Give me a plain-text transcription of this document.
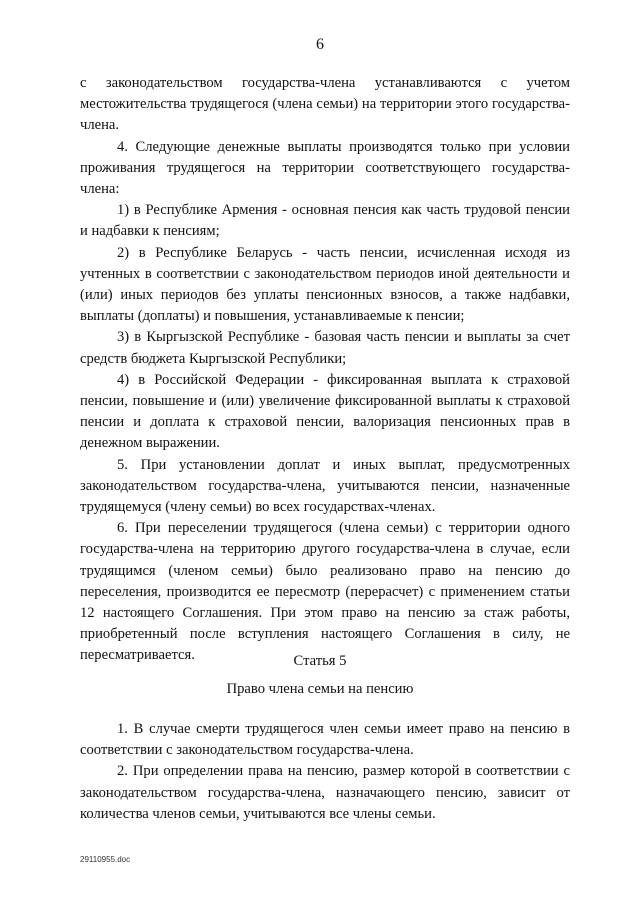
6

с законодательством государства-члена устанавливаются с учетом местожительства трудящегося (члена семьи) на территории этого государства-члена.

4. Следующие денежные выплаты производятся только при условии проживания трудящегося на территории соответствующего государства-члена:

1) в Республике Армения - основная пенсия как часть трудовой пенсии и надбавки к пенсиям;

2) в Республике Беларусь - часть пенсии, исчисленная исходя из учтенных в соответствии с законодательством периодов иной деятельности и (или) иных периодов без уплаты пенсионных взносов, а также надбавки, выплаты (доплаты) и повышения, устанавливаемые к пенсии;

3) в Кыргызской Республике - базовая часть пенсии и выплаты за счет средств бюджета Кыргызской Республики;

4) в Российской Федерации - фиксированная выплата к страховой пенсии, повышение и (или) увеличение фиксированной выплаты к страховой пенсии и доплата к страховой пенсии, валоризация пенсионных прав в денежном выражении.

5. При установлении доплат и иных выплат, предусмотренных законодательством государства-члена, учитываются пенсии, назначенные трудящемуся (члену семьи) во всех государствах-членах.

6. При переселении трудящегося (члена семьи) с территории одного государства-члена на территорию другого государства-члена в случае, если трудящимся (членом семьи) было реализовано право на пенсию до переселения, производится ее пересмотр (перерасчет) с применением статьи 12 настоящего Соглашения. При этом право на пенсию за стаж работы, приобретенный после вступления настоящего Соглашения в силу, не пересматривается.	Статья 5
Право члена семьи на пенсию

1. В случае смерти трудящегося член семьи имеет право на пенсию в соответствии с законодательством государства-члена.

2. При определении права на пенсию, размер которой в соответствии с законодательством государства-члена, назначающего пенсию, зависит от количества членов семьи, учитываются все члены семьи.

29110955.doc
